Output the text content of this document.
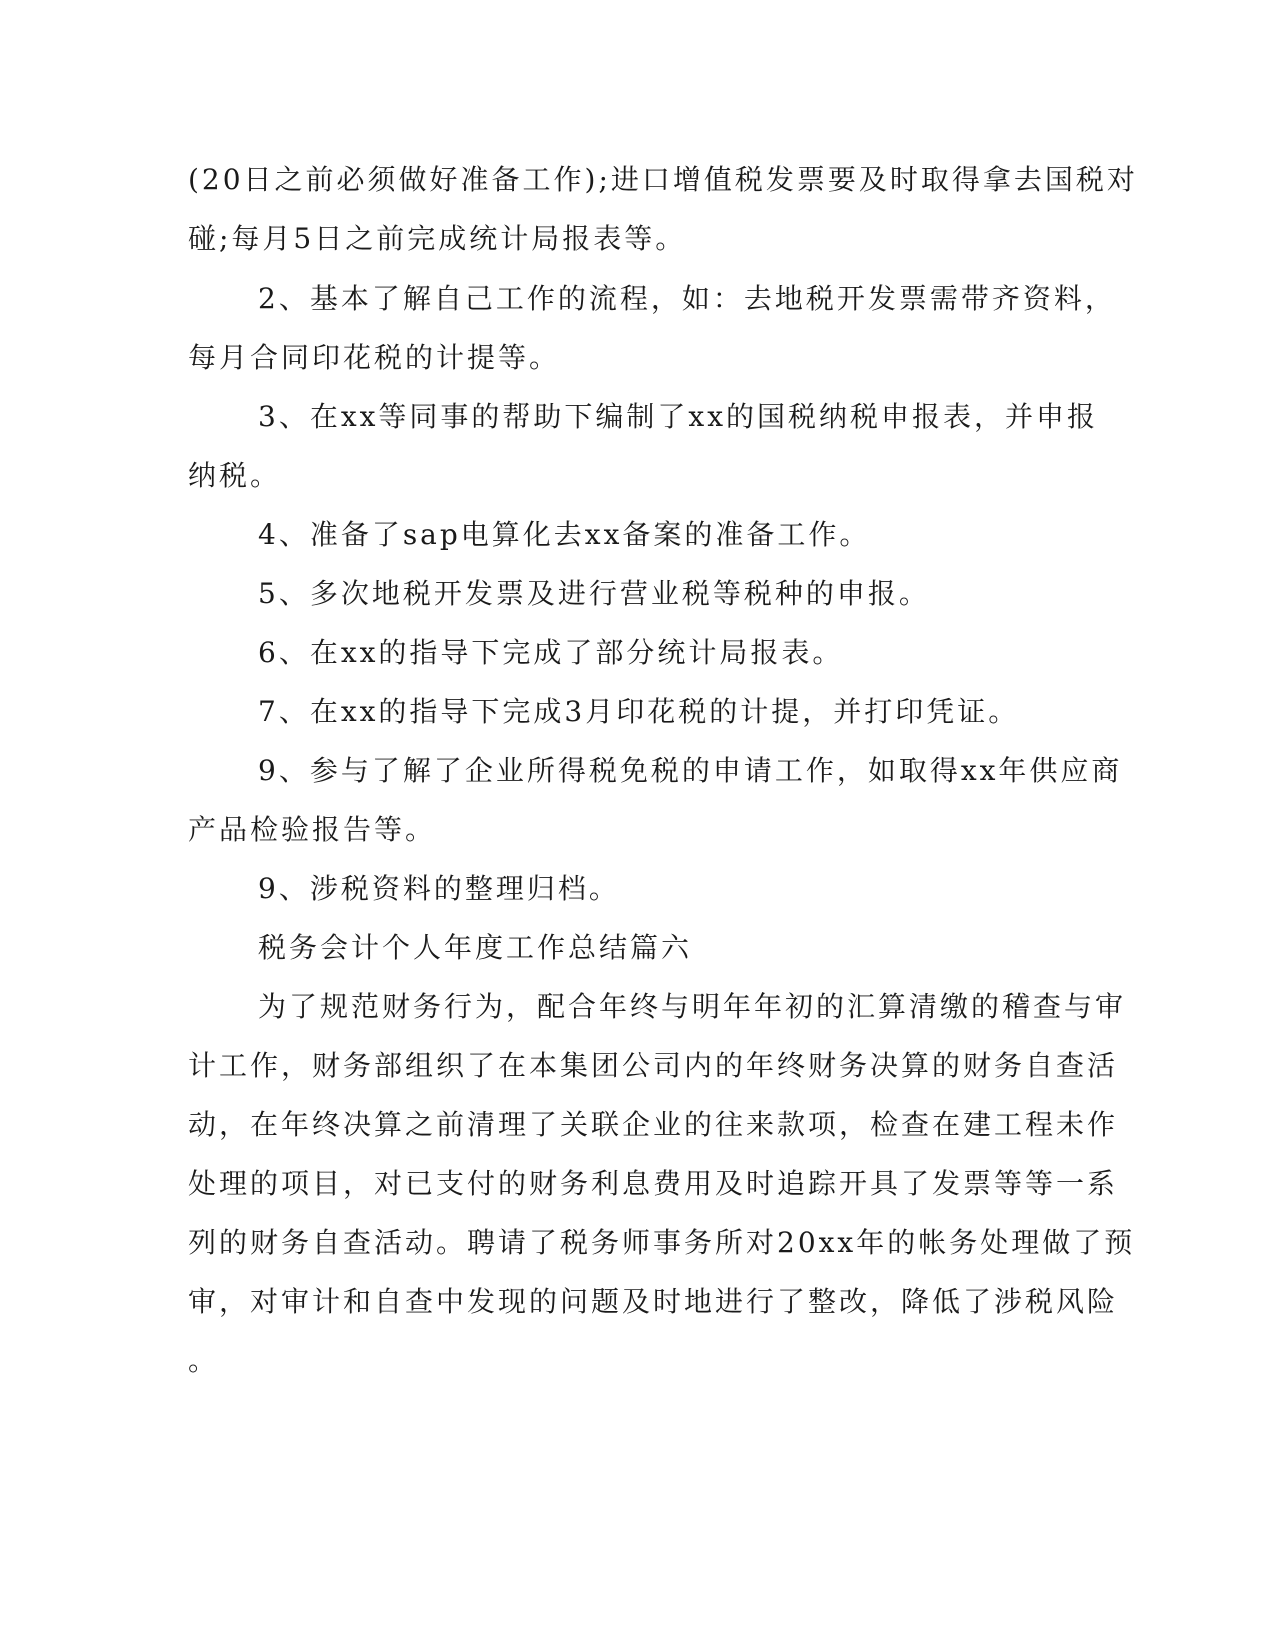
(20日之前必须做好准备工作);进口增值税发票要及时取得拿去国税对
碰;每月5日之前完成统计局报表等。
2、基本了解自己工作的流程，如：去地税开发票需带齐资料，
每月合同印花税的计提等。
3、在xx等同事的帮助下编制了xx的国税纳税申报表，并申报
纳税。
4、准备了sap电算化去xx备案的准备工作。
5、多次地税开发票及进行营业税等税种的申报。
6、在xx的指导下完成了部分统计局报表。
7、在xx的指导下完成3月印花税的计提，并打印凭证。
9、参与了解了企业所得税免税的申请工作，如取得xx年供应商
产品检验报告等。
9、涉税资料的整理归档。
税务会计个人年度工作总结篇六
为了规范财务行为，配合年终与明年年初的汇算清缴的稽查与审
计工作，财务部组织了在本集团公司内的年终财务决算的财务自查活
动，在年终决算之前清理了关联企业的往来款项，检查在建工程未作
处理的项目，对已支付的财务利息费用及时追踪开具了发票等等一系
列的财务自查活动。聘请了税务师事务所对20xx年的帐务处理做了预
审，对审计和自查中发现的问题及时地进行了整改，降低了涉税风险
。
